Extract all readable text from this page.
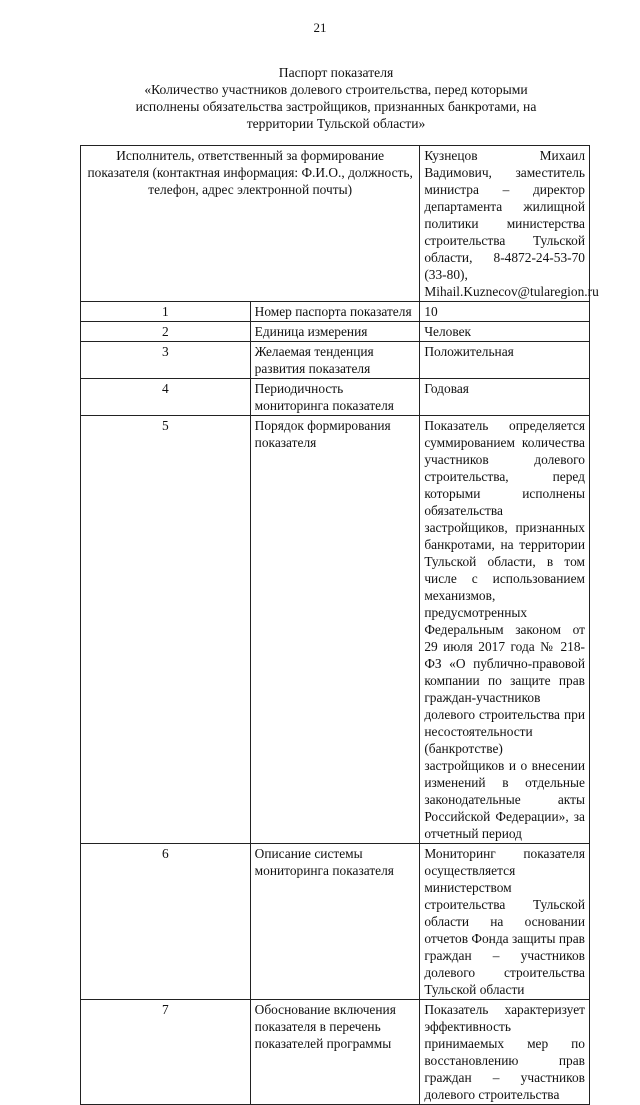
21
Паспорт показателя
«Количество участников долевого строительства, перед которыми
исполнены обязательства застройщиков, признанных банкротами, на
территории Тульской области»
Исполнитель, ответственный за формирование показателя (контактная информация: Ф.И.О., должность, телефон, адрес электронной почты)		Кузнецов Михаил Вадимович, заместитель министра – директор департамента жилищной политики министерства строительства Тульской области, 8-4872-24-53-70 (33-80), Mihail.Kuznecov@tularegion.ru
1	Номер паспорта показателя	10
2	Единица измерения	Человек
3	Желаемая тенденция развития показателя	Положительная
4	Периодичность мониторинга показателя	Годовая
5	Порядок формирования показателя	Показатель определяется суммированием количества участников долевого строительства, перед которыми исполнены обязательства застройщиков, признанных банкротами, на территории Тульской области, в том числе с использованием механизмов, предусмотренных Федеральным законом от 29 июля 2017 года № 218-ФЗ «О публично-правовой компании по защите прав граждан-участников долевого строительства при несостоятельности (банкротстве) застройщиков и о внесении изменений в отдельные законодательные акты Российской Федерации», за отчетный период
6	Описание системы мониторинга показателя	Мониторинг показателя осуществляется министерством строительства Тульской области на основании отчетов Фонда защиты прав граждан – участников долевого строительства Тульской области
7	Обоснование включения показателя в перечень показателей программы	Показатель характеризует эффективность принимаемых мер по восстановлению прав граждан – участников долевого строительства
